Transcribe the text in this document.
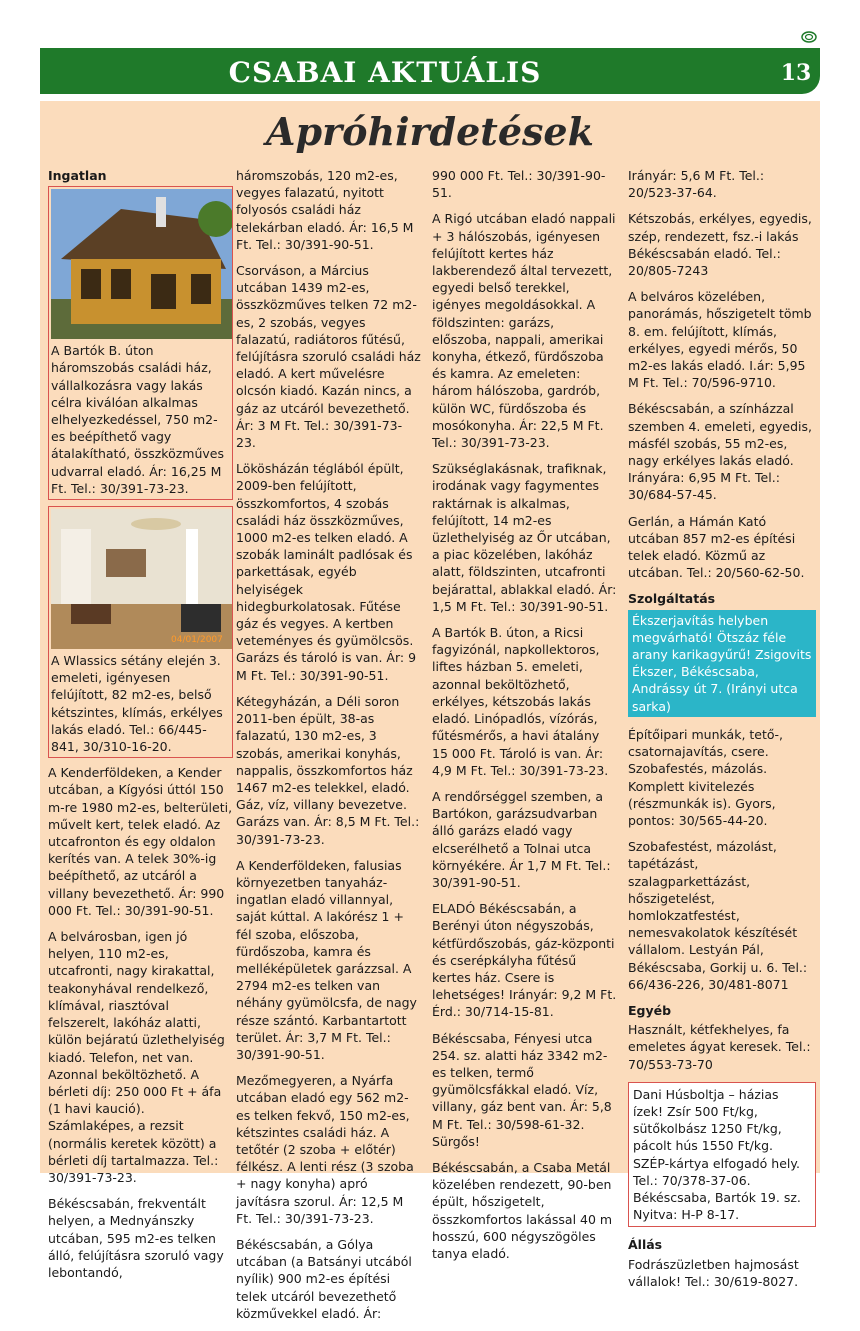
CSABAI AKTUÁLIS	13
Apróhirdetések
Ingatlan
A Bartók B. úton háromszobás családi ház, vállalkozásra vagy lakás célra kiválóan alkalmas elhelyezkedéssel, 750 m2-es beépíthető vagy átalakítható, összközműves udvarral eladó. Ár: 16,25 M Ft. Tel.: 30/391-73-23.
04/01/2007
A Wlassics sétány elején 3. emeleti, igényesen felújított, 82 m2-es, belső kétszintes, klímás, erkélyes lakás eladó. Tel.: 66/445-841, 30/310-16-20.

A Kenderföldeken, a Kender utcában, a Kígyósi úttól 150 m-re 1980 m2-es, belterületi, művelt kert, telek eladó. Az utcafronton és egy oldalon kerítés van. A telek 30%-ig beépíthető, az utcáról a villany bevezethető. Ár: 990 000 Ft. Tel.: 30/391-90-51.

A belvárosban, igen jó helyen, 110 m2-es, utcafronti, nagy kirakattal, teakonyhával rendelkező, klímával, riasztóval felszerelt, lakóház alatti, külön bejáratú üzlethelyiség kiadó. Telefon, net van. Azonnal beköltözhető. A bérleti díj: 250 000 Ft + áfa (1 havi kaució). Számlaképes, a rezsit (normális keretek között) a bérleti díj tartalmazza. Tel.: 30/391-73-23.

Békéscsabán, frekventált helyen, a Mednyánszky utcában, 595 m2-es telken álló, felújításra szoruló vagy lebontandó,

háromszobás, 120 m2-es, vegyes falazatú, nyitott folyosós családi ház telekárban eladó. Ár: 16,5 M Ft. Tel.: 30/391-90-51.

Csorváson, a Március utcában 1439 m2-es, összközműves telken 72 m2-es, 2 szobás, vegyes falazatú, radiátoros fűtésű, felújításra szoruló családi ház eladó. A kert művelésre olcsón kiadó. Kazán nincs, a gáz az utcáról bevezethető. Ár: 3 M Ft. Tel.: 30/391-73-23.

Lökösházán téglából épült, 2009-ben felújított, összkomfortos, 4 szobás családi ház összközműves, 1000 m2-es telken eladó. A szobák laminált padlósak és parkettásak, egyéb helyiségek hidegburkolatosak. Fűtése gáz és vegyes. A kertben veteményes és gyümölcsös. Garázs és tároló is van. Ár: 9 M Ft. Tel.: 30/391-90-51.

Kétegyházán, a Déli soron 2011-ben épült, 38-as falazatú, 130 m2-es, 3 szobás, amerikai konyhás, nappalis, összkomfortos ház 1467 m2-es telekkel, eladó. Gáz, víz, villany bevezetve. Garázs van. Ár: 8,5 M Ft. Tel.: 30/391-73-23.

A Kenderföldeken, falusias környezetben tanyaház-ingatlan eladó villannyal, saját kúttal. A lakórész 1 + fél szoba, előszoba, fürdőszoba, kamra és melléképületek garázzsal. A 2794 m2-es telken van néhány gyümölcsfa, de nagy része szántó. Karbantartott terület. Ár: 3,7 M Ft. Tel.: 30/391-90-51.

Mezőmegyeren, a Nyárfa utcában eladó egy 562 m2-es telken fekvő, 150 m2-es, kétszintes családi ház. A tetőtér (2 szoba + előtér) félkész. A lenti rész (3 szoba + nagy konyha) apró javításra szorul. Ár: 12,5 M Ft. Tel.: 30/391-73-23.

Békéscsabán, a Gólya utcában (a Batsányi utcából nyílik) 900 m2-es építési telek utcáról bevezethető közművekkel eladó. Ár:

990 000 Ft. Tel.: 30/391-90-51.

A Rigó utcában eladó nappali + 3 hálószobás, igényesen felújított kertes ház lakberendező által tervezett, egyedi belső terekkel, igényes megoldásokkal. A földszinten: garázs, előszoba, nappali, amerikai konyha, étkező, fürdőszoba és kamra. Az emeleten: három hálószoba, gardrób, külön WC, fürdőszoba és mosókonyha. Ár: 22,5 M Ft. Tel.: 30/391-73-23.

Szükséglakásnak, trafiknak, irodának vagy fagymentes raktárnak is alkalmas, felújított, 14 m2-es üzlethelyiség az Őr utcában, a piac közelében, lakóház alatt, földszinten, utcafronti bejárattal, ablakkal eladó. Ár: 1,5 M Ft. Tel.: 30/391-90-51.

A Bartók B. úton, a Ricsi fagyizónál, napkollektoros, liftes házban 5. emeleti, azonnal beköltözhető, erkélyes, kétszobás lakás eladó. Linópadlós, vízórás, fűtésmérős, a havi átalány 15 000 Ft. Tároló is van. Ár: 4,9 M Ft. Tel.: 30/391-73-23.

A rendőrséggel szemben, a Bartókon, garázsudvarban álló garázs eladó vagy elcserélhető a Tolnai utca környékére. Ár 1,7 M Ft. Tel.: 30/391-90-51.

ELADÓ Békéscsabán, a Berényi úton négyszobás, kétfürdőszobás, gáz-központi és cserépkályha fűtésű kertes ház. Csere is lehetséges! Irányár: 9,2 M Ft. Érd.: 30/714-15-81.

Békéscsaba, Fényesi utca 254. sz. alatti ház 3342 m2-es telken, termő gyümölcsfákkal eladó. Víz, villany, gáz bent van. Ár: 5,8 M Ft. Tel.: 30/598-61-32. Sürgős!

Békéscsabán, a Csaba Metál közelében rendezett, 90-ben épült, hőszigetelt, összkomfortos lakással 40 m hosszú, 600 négyszögöles tanya eladó.

Irányár: 5,6 M Ft. Tel.: 20/523-37-64.

Kétszobás, erkélyes, egyedis, szép, rendezett, fsz.-i lakás Békéscsabán eladó. Tel.: 20/805-7243

A belváros közelében, panorámás, hőszigetelt tömb 8. em. felújított, klímás, erkélyes, egyedi mérős, 50 m2-es lakás eladó. I.ár: 5,95 M Ft. Tel.: 70/596-9710.

Békéscsabán, a színházzal szemben 4. emeleti, egyedis, másfél szobás, 55 m2-es, nagy erkélyes lakás eladó. Irányára: 6,95 M Ft. Tel.: 30/684-57-45.

Gerlán, a Hámán Kató utcában 857 m2-es építési telek eladó. Közmű az utcában. Tel.: 20/560-62-50.

Szolgáltatás
Ékszerjavítás helyben megvárható! Ötszáz féle arany karikagyűrű! Zsigovits Ékszer, Békéscsaba, Andrássy út 7. (Irányi utca sarka)

Építőipari munkák, tető-, csatornajavítás, csere. Szobafestés, mázolás. Komplett kivitelezés (részmunkák is). Gyors, pontos: 30/565-44-20.

Szobafestést, mázolást, tapétázást, szalagparkettázást, hőszigetelést, homlokzatfestést, nemesvakolatok készítését vállalom. Lestyán Pál, Békéscsaba, Gorkij u. 6. Tel.: 66/436-226, 30/481-8071

Egyéb

Használt, kétfekhelyes, fa emeletes ágyat keresek. Tel.: 70/553-73-70

Dani Húsboltja – házias ízek! Zsír 500 Ft/kg, sütőkolbász 1250 Ft/kg, pácolt hús 1550 Ft/kg. SZÉP-kártya elfogadó hely. Tel.: 70/378-37-06. Békéscsaba, Bartók 19. sz. Nyitva: H-P 8-17.
Állás

Fodrászüzletben hajmosást vállalok! Tel.: 30/619-8027.
